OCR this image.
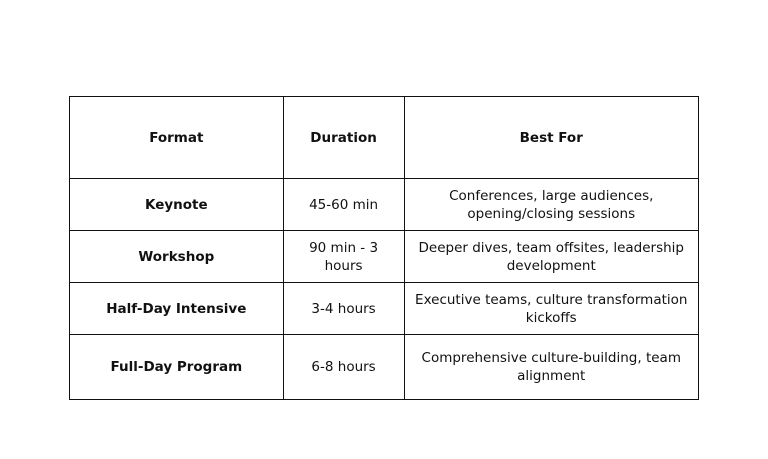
Format	Duration	Best For
Keynote	45-60 min	Conferences, large audiences, opening/closing sessions
Workshop	90 min - 3 hours	Deeper dives, team offsites, leadership development
Half-Day Intensive	3-4 hours	Executive teams, culture transformation kickoffs
Full-Day Program	6-8 hours	Comprehensive culture-building, team alignment
